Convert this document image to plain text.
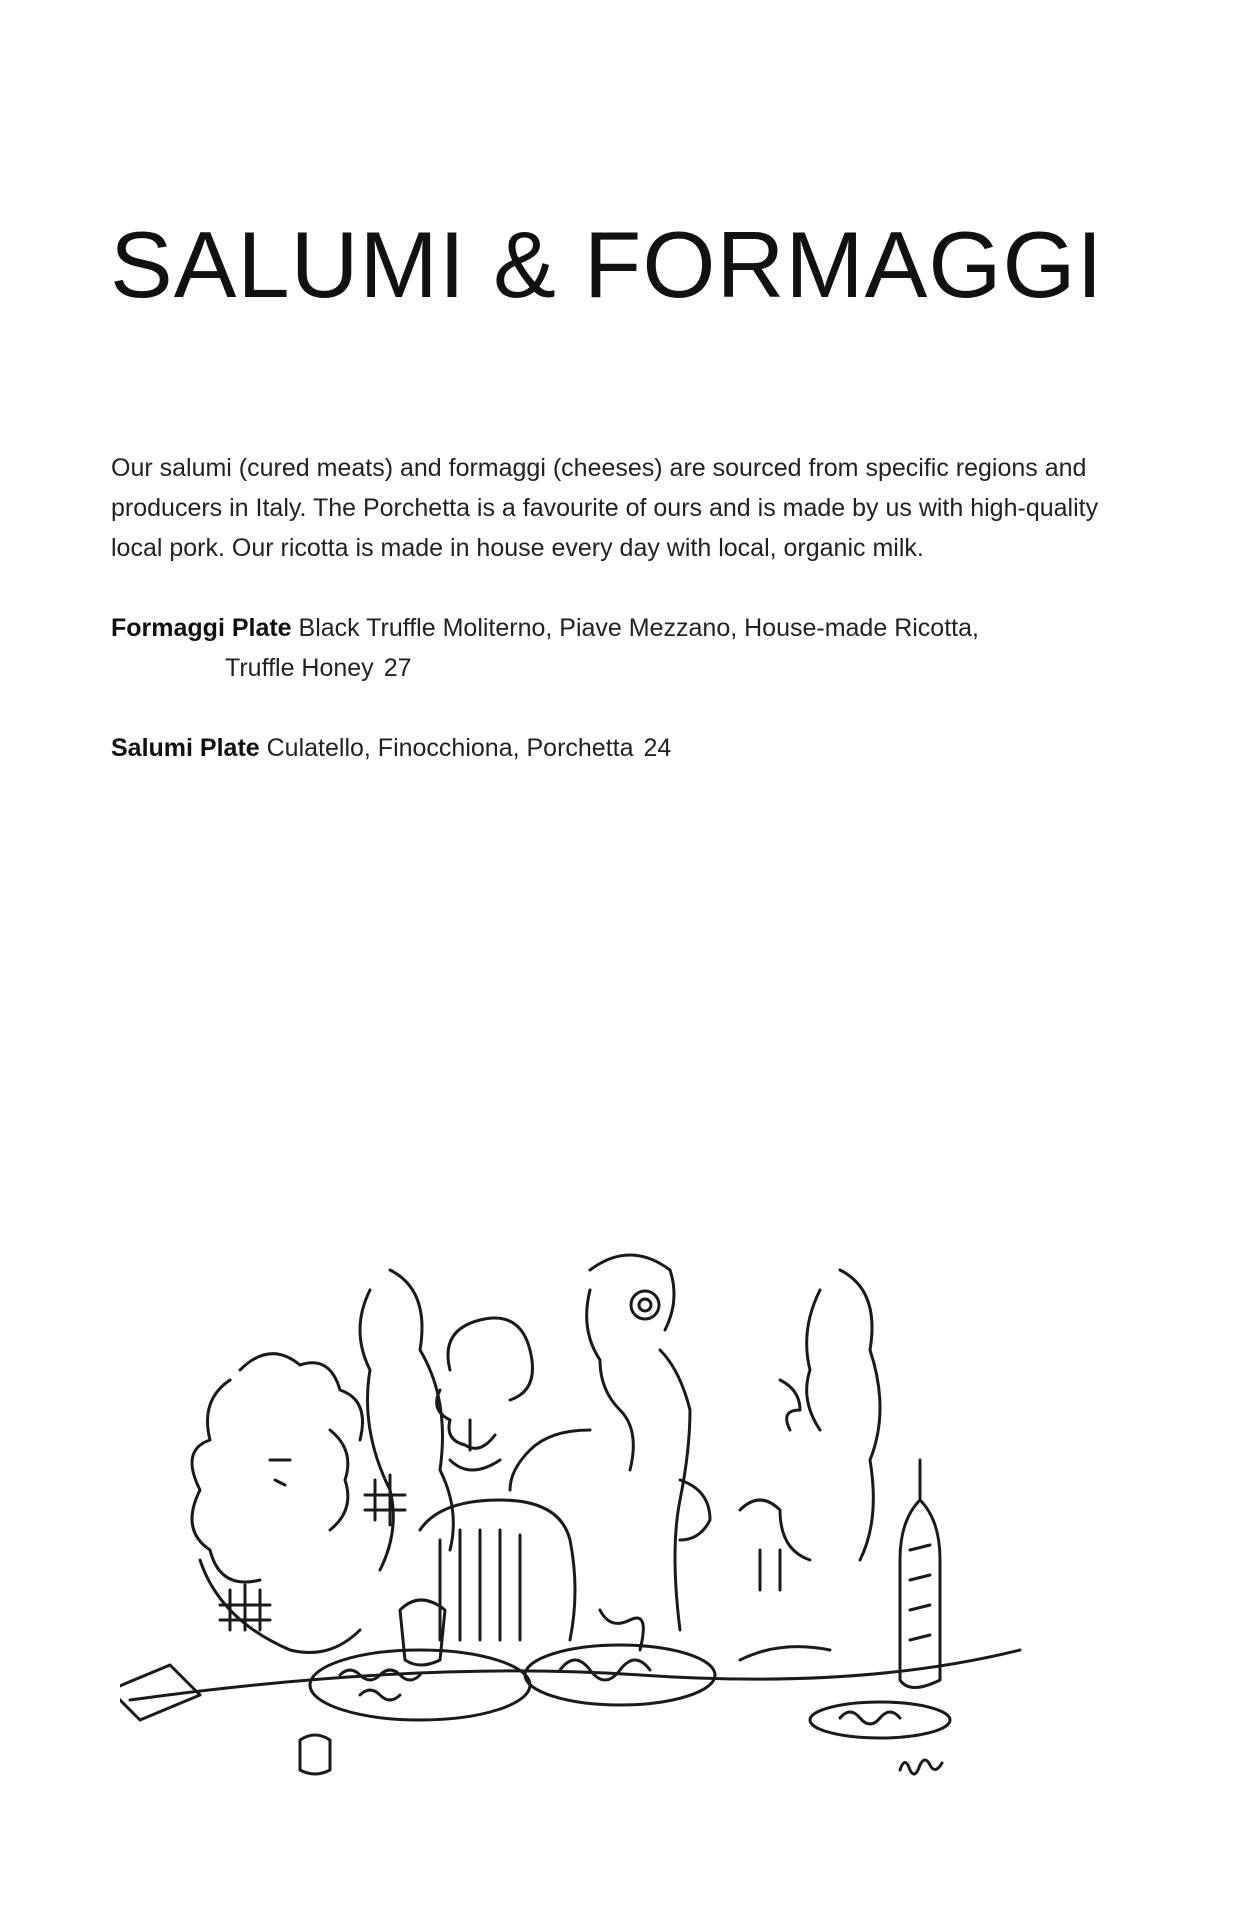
SALUMI & FORMAGGI

Our salumi (cured meats) and formaggi (cheeses) are sourced from specific regions and producers in Italy. The Porchetta is a favourite of ours and is made by us with high-quality local pork. Our ricotta is made in house every day with local, organic milk.

Formaggi Plate Black Truffle Moliterno, Piave Mezzano, House-made Ricotta,
Truffle Honey 27

Salumi Plate Culatello, Finocchiona, Porchetta 24
